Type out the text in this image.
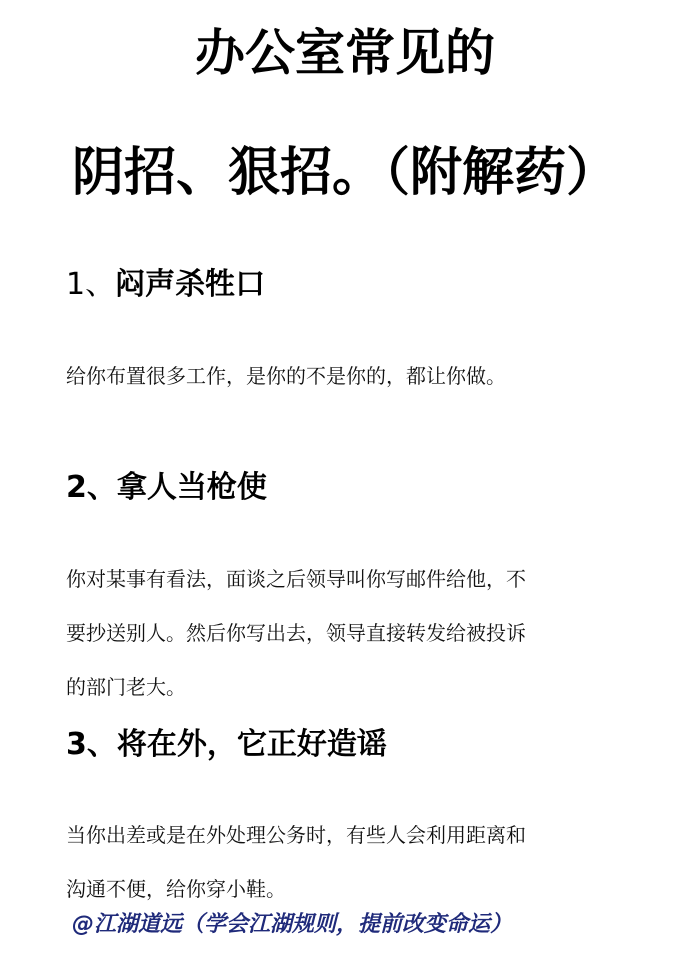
办公室常见的
阴招、狠招。（附解药）
1、闷声杀牲口
给你布置很多工作，是你的不是你的，都让你做。
2、拿人当枪使
你对某事有看法，面谈之后领导叫你写邮件给他，不
要抄送别人。然后你写出去，领导直接转发给被投诉
的部门老大。
3、将在外，它正好造谣
当你出差或是在外处理公务时，有些人会利用距离和
沟通不便，给你穿小鞋。
@江湖道远（学会江湖规则，提前改变命运）
